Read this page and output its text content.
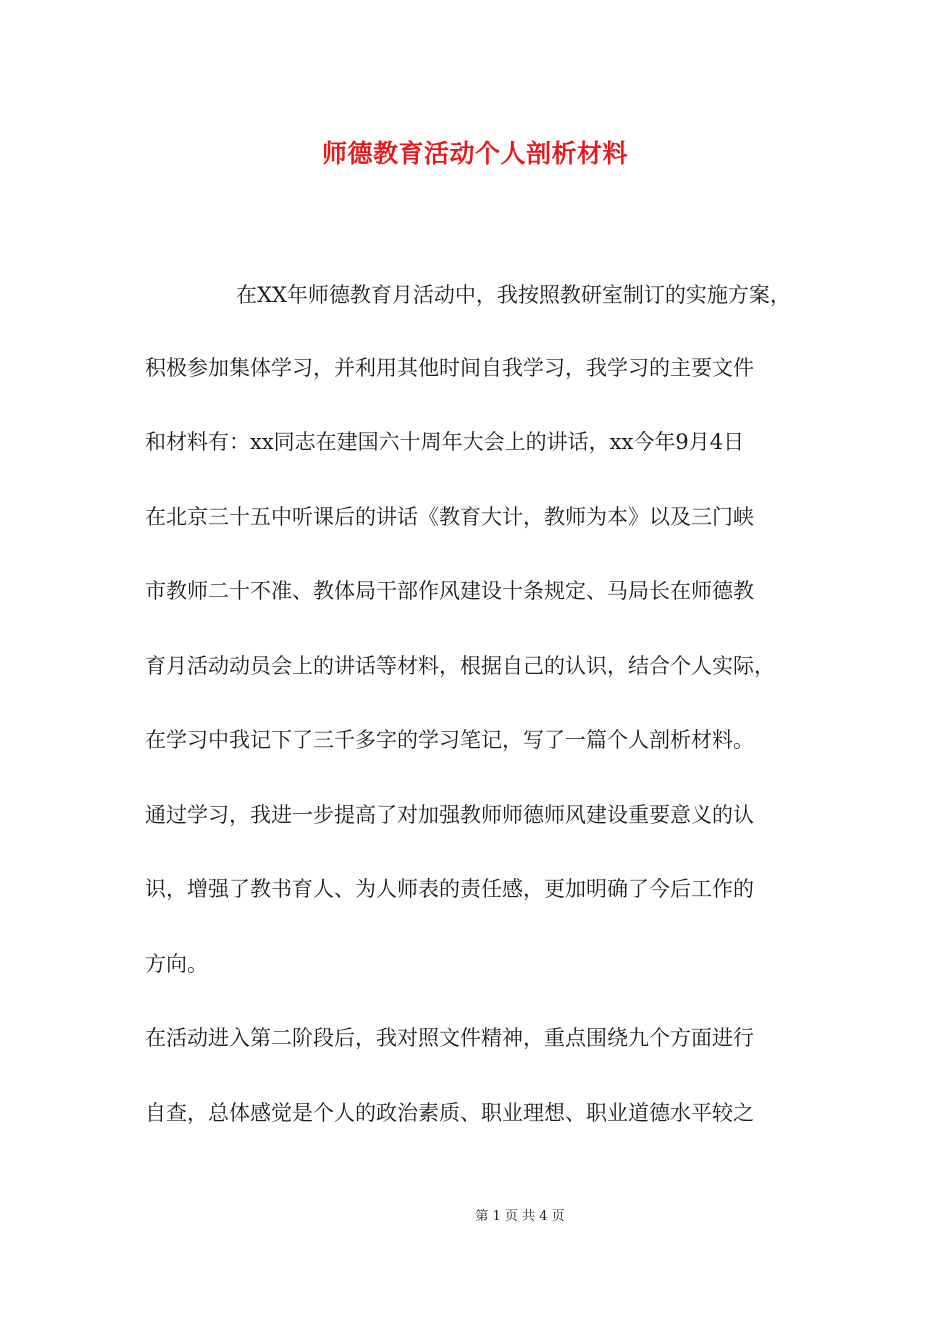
师德教育活动个人剖析材料
在XX年师德教育月活动中，我按照教研室制订的实施方案，
积极参加集体学习，并利用其他时间自我学习，我学习的主要文件
和材料有：xx同志在建国六十周年大会上的讲话，xx今年9月4日
在北京三十五中听课后的讲话《教育大计，教师为本》以及三门峡
市教师二十不准、教体局干部作风建设十条规定、马局长在师德教
育月活动动员会上的讲话等材料，根据自己的认识，结合个人实际，
在学习中我记下了三千多字的学习笔记，写了一篇个人剖析材料。
通过学习，我进一步提高了对加强教师师德师风建设重要意义的认
识，增强了教书育人、为人师表的责任感，更加明确了今后工作的
方向。
在活动进入第二阶段后，我对照文件精神，重点围绕九个方面进行
自查，总体感觉是个人的政治素质、职业理想、职业道德水平较之
第 1 页 共 4 页
